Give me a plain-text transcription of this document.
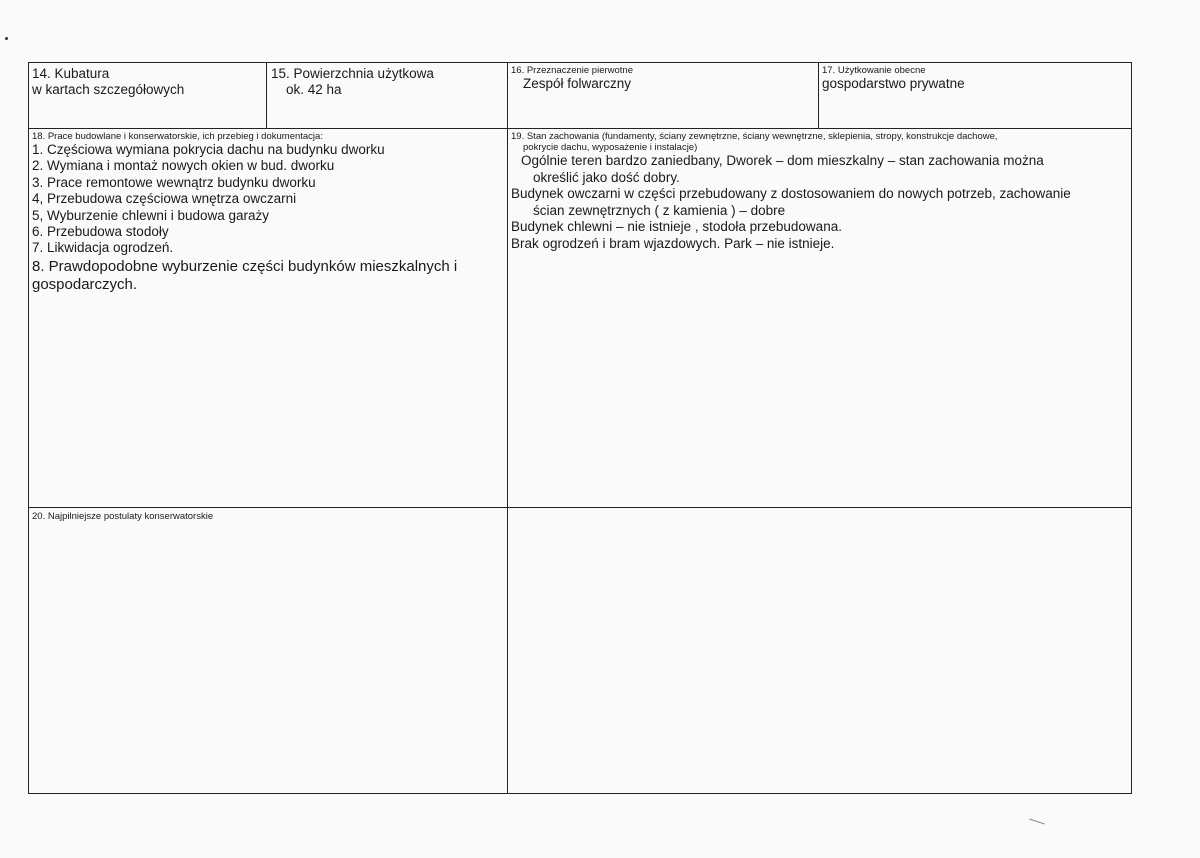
14. Kubatura
w kartach szczegółowych
15. Powierzchnia użytkowa
ok. 42 ha
16. Przeznaczenie pierwotne
Zespół folwarczny
17. Użytkowanie obecne
gospodarstwo prywatne
18. Prace budowlane i konserwatorskie, ich przebieg i dokumentacja:
1. Częściowa wymiana pokrycia dachu na budynku dworku
2. Wymiana i montaż nowych okien w bud. dworku
3. Prace remontowe wewnątrz budynku dworku
4, Przebudowa częściowa wnętrza owczarni
5, Wyburzenie chlewni i budowa garaży
6. Przebudowa stodoły
7. Likwidacja ogrodzeń.
8. Prawdopodobne wyburzenie części budynków mieszkalnych i gospodarczych.
19. Stan zachowania (fundamenty, ściany zewnętrzne, ściany wewnętrzne, sklepienia, stropy, konstrukcje dachowe,
pokrycie dachu, wyposażenie i instalacje)
Ogólnie teren bardzo zaniedbany, Dworek – dom mieszkalny – stan zachowania można
określić jako dość dobry.
Budynek owczarni w części przebudowany z dostosowaniem do nowych potrzeb, zachowanie
ścian zewnętrznych ( z kamienia ) – dobre
Budynek chlewni – nie istnieje , stodoła przebudowana.
Brak ogrodzeń i bram wjazdowych. Park – nie istnieje.
20. Najpilniejsze postulaty konserwatorskie
